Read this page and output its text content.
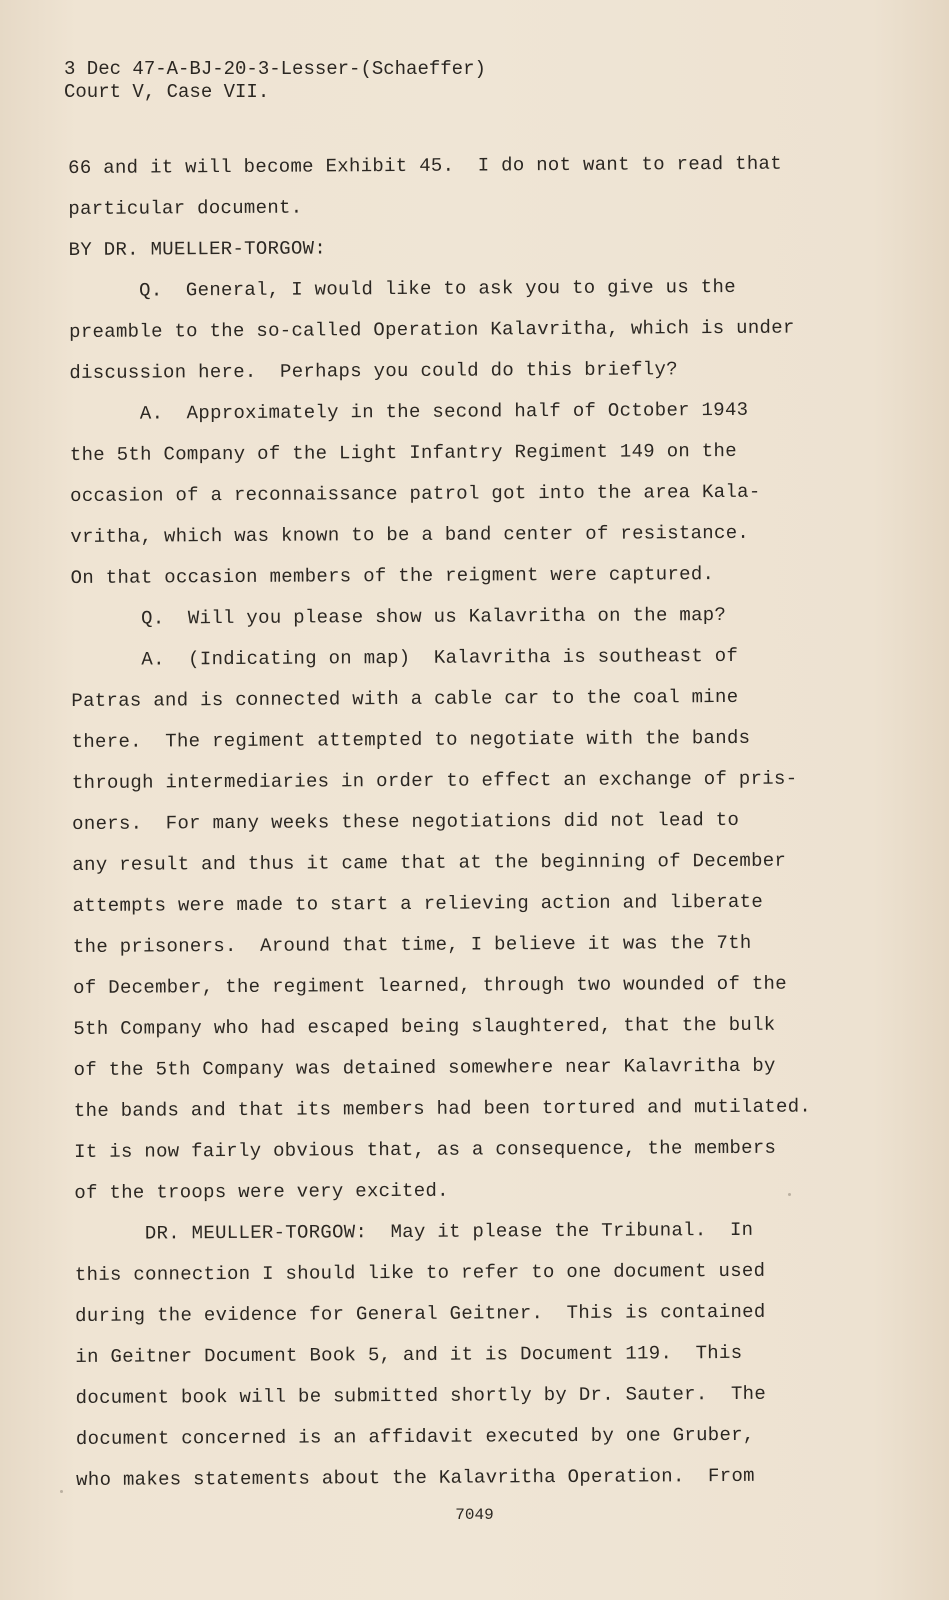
3 Dec 47-A-BJ-20-3-Lesser-(Schaeffer)
Court V, Case VII.
66 and it will become Exhibit 45.  I do not want to read that
particular document.
BY DR. MUELLER-TORGOW:
Q.  General, I would like to ask you to give us the
preamble to the so-called Operation Kalavritha, which is under
discussion here.  Perhaps you could do this briefly?
A.  Approximately in the second half of October 1943
the 5th Company of the Light Infantry Regiment 149 on the
occasion of a reconnaissance patrol got into the area Kala-
vritha, which was known to be a band center of resistance.
On that occasion members of the reigment were captured.
Q.  Will you please show us Kalavritha on the map?
A.  (Indicating on map)  Kalavritha is southeast of
Patras and is connected with a cable car to the coal mine
there.  The regiment attempted to negotiate with the bands
through intermediaries in order to effect an exchange of pris-
oners.  For many weeks these negotiations did not lead to
any result and thus it came that at the beginning of December
attempts were made to start a relieving action and liberate
the prisoners.  Around that time, I believe it was the 7th
of December, the regiment learned, through two wounded of the
5th Company who had escaped being slaughtered, that the bulk
of the 5th Company was detained somewhere near Kalavritha by
the bands and that its members had been tortured and mutilated.
It is now fairly obvious that, as a consequence, the members
of the troops were very excited.
DR. MEULLER-TORGOW:  May it please the Tribunal.  In
this connection I should like to refer to one document used
during the evidence for General Geitner.  This is contained
in Geitner Document Book 5, and it is Document 119.  This
document book will be submitted shortly by Dr. Sauter.  The
document concerned is an affidavit executed by one Gruber,
who makes statements about the Kalavritha Operation.  From
7049
